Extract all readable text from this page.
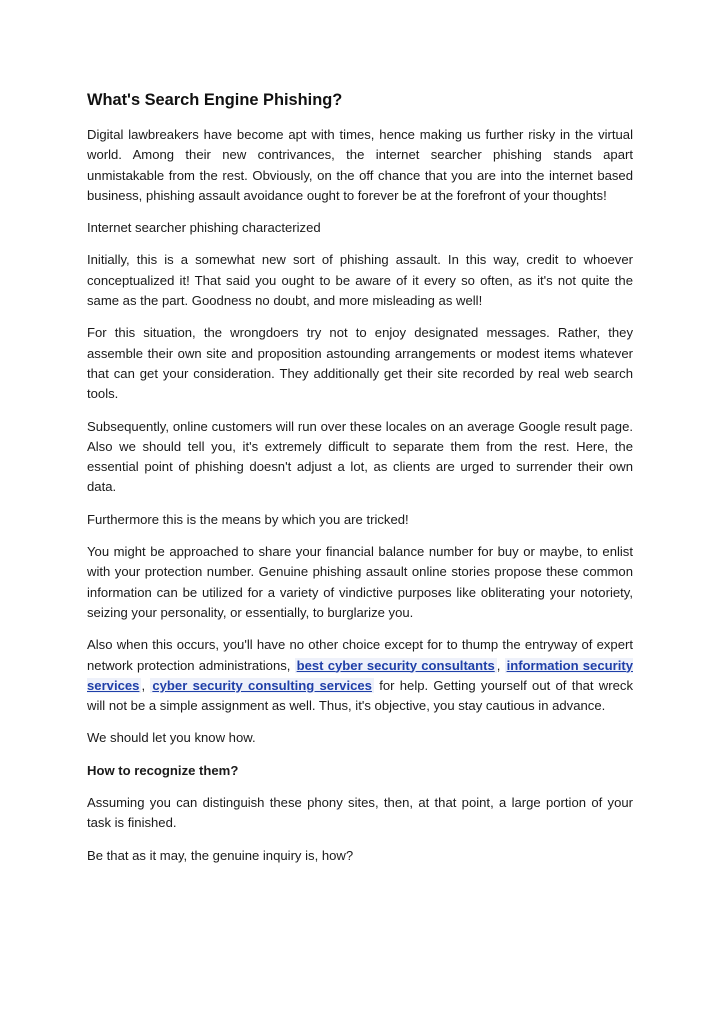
What's Search Engine Phishing?

Digital lawbreakers have become apt with times, hence making us further risky in the virtual world. Among their new contrivances, the internet searcher phishing stands apart unmistakable from the rest. Obviously, on the off chance that you are into the internet based business, phishing assault avoidance ought to forever be at the forefront of your thoughts!

Internet searcher phishing characterized

Initially, this is a somewhat new sort of phishing assault. In this way, credit to whoever conceptualized it! That said you ought to be aware of it every so often, as it's not quite the same as the part. Goodness no doubt, and more misleading as well!

For this situation, the wrongdoers try not to enjoy designated messages. Rather, they assemble their own site and proposition astounding arrangements or modest items whatever that can get your consideration. They additionally get their site recorded by real web search tools.

Subsequently, online customers will run over these locales on an average Google result page. Also we should tell you, it's extremely difficult to separate them from the rest. Here, the essential point of phishing doesn't adjust a lot, as clients are urged to surrender their own data.

Furthermore this is the means by which you are tricked!

You might be approached to share your financial balance number for buy or maybe, to enlist with your protection number. Genuine phishing assault online stories propose these common information can be utilized for a variety of vindictive purposes like obliterating your notoriety, seizing your personality, or essentially, to burglarize you.

Also when this occurs, you'll have no other choice except for to thump the entryway of expert network protection administrations, best cyber security consultants , information security services , cyber security consulting services for help. Getting yourself out of that wreck will not be a simple assignment as well. Thus, it's objective, you stay cautious in advance.

We should let you know how.

How to recognize them?

Assuming you can distinguish these phony sites, then, at that point, a large portion of your task is finished.

Be that as it may, the genuine inquiry is, how?
